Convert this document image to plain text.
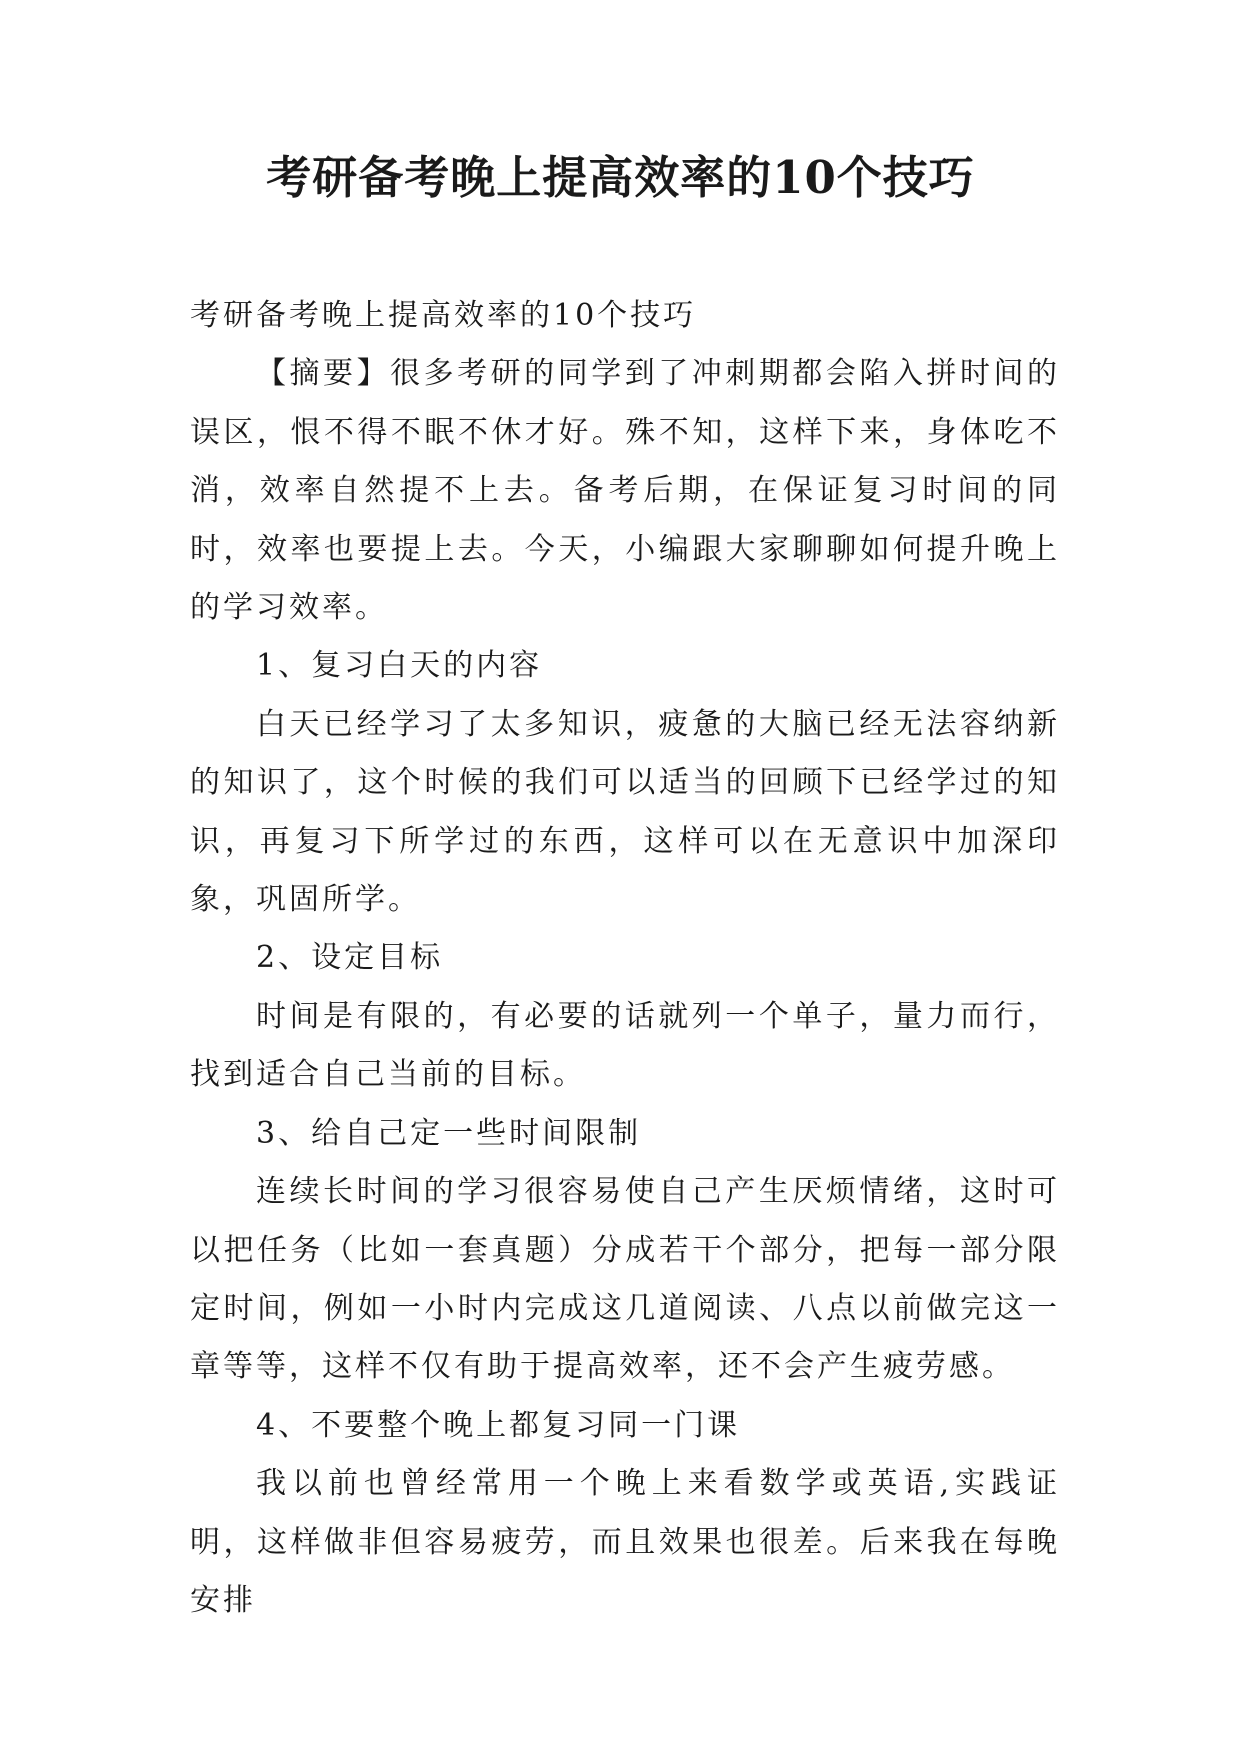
考研备考晚上提高效率的10个技巧

考研备考晚上提高效率的10个技巧

【摘要】很多考研的同学到了冲刺期都会陷入拼时间的误区，恨不得不眠不休才好。殊不知，这样下来，身体吃不消，效率自然提不上去。备考后期，在保证复习时间的同时，效率也要提上去。今天，小编跟大家聊聊如何提升晚上的学习效率。

1、复习白天的内容

白天已经学习了太多知识，疲惫的大脑已经无法容纳新的知识了，这个时候的我们可以适当的回顾下已经学过的知识，再复习下所学过的东西，这样可以在无意识中加深印象，巩固所学。

2、设定目标

时间是有限的，有必要的话就列一个单子，量力而行，找到适合自己当前的目标。

3、给自己定一些时间限制

连续长时间的学习很容易使自己产生厌烦情绪，这时可以把任务（比如一套真题）分成若干个部分，把每一部分限定时间，例如一小时内完成这几道阅读、八点以前做完这一章等等，这样不仅有助于提高效率，还不会产生疲劳感。

4、不要整个晚上都复习同一门课

我以前也曾经常用一个晚上来看数学或英语,实践证明，这样做非但容易疲劳，而且效果也很差。后来我在每晚安排
